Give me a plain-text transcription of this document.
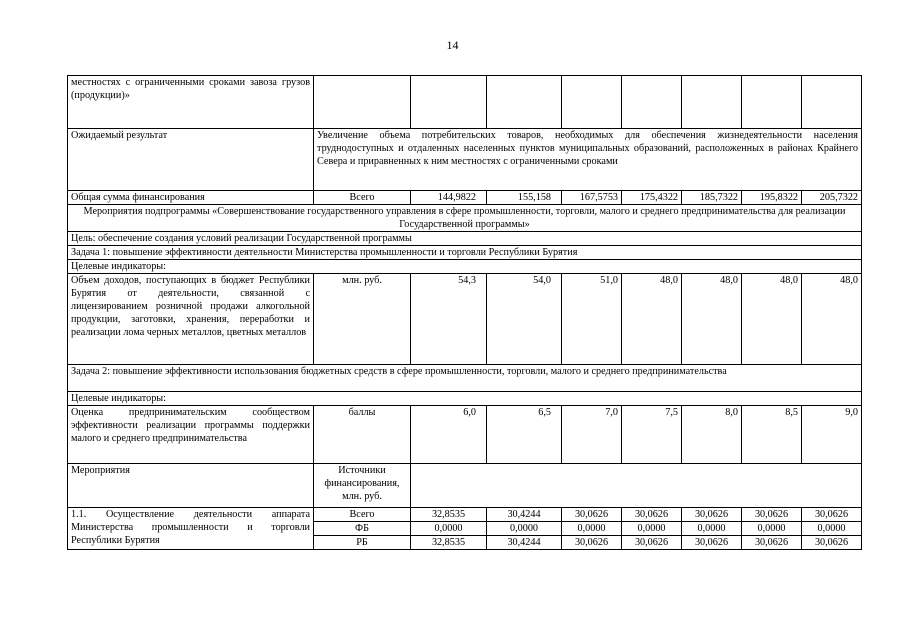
14
местностях с ограниченными сроками завоза грузов (продукции)»								
Ожидаемый результат	Увеличение объема потребительских товаров, необходимых для обеспечения жизнедеятельности населения труднодоступных и отдаленных населенных пунктов муниципальных образований, расположенных в районах Крайнего Севера и приравненных к ним местностях с ограниченными сроками							
Общая сумма финансирования	Всего	144,9822	155,158	167,5753	175,4322	185,7322	195,8322	205,7322
Мероприятия подпрограммы «Совершенствование государственного управления в сфере промышленности, торговли, малого и среднего предпринимательства для реализации Государственной программы»								
Цель: обеспечение создания условий реализации Государственной программы								
Задача 1: повышение эффективности деятельности Министерства промышленности и торговли Республики Бурятия								
Целевые индикаторы:								
Объем доходов, поступающих в бюджет Республики Бурятия от деятельности, связанной с лицензированием розничной продажи алкогольной продукции, заготовки, хранения, переработки и реализации лома черных металлов, цветных металлов	млн. руб.	54,3	54,0	51,0	48,0	48,0	48,0	48,0
Задача 2: повышение эффективности использования бюджетных средств в сфере промышленности, торговли, малого и среднего предпринимательства								
Целевые индикаторы:								
Оценка предпринимательским сообществом эффективности реализации программы поддержки малого и среднего предпринимательства	баллы	6,0	6,5	7,0	7,5	8,0	8,5	9,0
Мероприятия	Источники финансирования, млн. руб.							
1.1. Осуществление деятельности аппарата Министерства промышленности и торговли Республики Бурятия	Всего	32,8535	30,4244	30,0626	30,0626	30,0626	30,0626	30,0626
	ФБ	0,0000	0,0000	0,0000	0,0000	0,0000	0,0000	0,0000
	РБ	32,8535	30,4244	30,0626	30,0626	30,0626	30,0626	30,0626
